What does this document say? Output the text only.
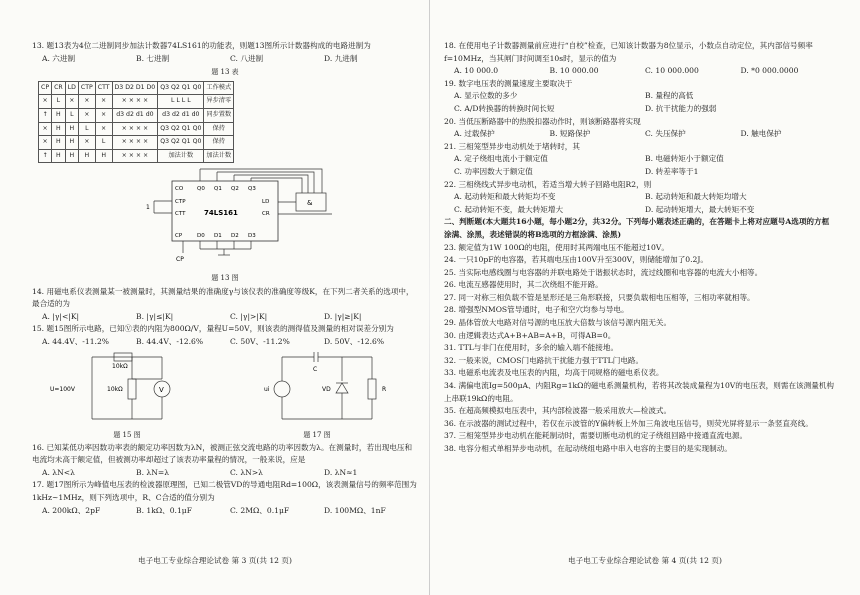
13. 题13表为4位二进制同步加法计数器74LS161的功能表，则题13图所示计数器构成的电路进制为

A. 六进制	B. 七进制	C. 八进制	D. 九进制
题 13 表
CP	CR	LD	CTP	CTT	D3 D2 D1 D0	Q3 Q2 Q1 Q0	工作模式
×	L	×	×	×	× × × ×	L L L L	异步清零
↑	H	L	×	×	d3 d2 d1 d0	d3 d2 d1 d0	同步置数
×	H	H	L	×	× × × ×	Q3 Q2 Q1 Q0	保持
×	H	H	×	L	× × × ×	Q3 Q2 Q1 Q0	保持
↑	H	H	H	H	× × × ×	加法计数	加法计数
74LS161
CO	Q0 Q1 Q2 Q3
CTP
CTT
LD
CR
CP	D0 D1 D2 D3
&
1
CP
题 13 图

14. 用磁电系仪表测量某一被测量时，其测量结果的准确度γ与该仪表的准确度等级K，在下列二者关系的选项中，最合适的为

A. |γ|<|K|	B. |γ|≤|K|	C. |γ|>|K|	D. |γ|≥|K|

15. 题15图所示电路，已知Ⓥ表的内阻为800Ω/V，量程U=50V，则该表的测得值及测量的相对误差分别为

A. 44.4V、-11.2%	B. 44.4V、-12.6%	C. 50V、-11.2%	D. 50V、-12.6%
10kΩ
10kΩ
U=100V	V
C
VD	R
ui
题 15 图	题 17 图

16. 已知某低功率因数功率表的额定功率因数为λN，被测正弦交流电路的功率因数为λ。在测量时，若出现电压和电流均未高于额定值，但被测功率却超过了该表功率量程的情况，一般来说，应是

A. λN<λ	B. λN=λ	C. λN>λ	D. λN≈1

17. 题17图所示为峰值电压表的检波器原理图，已知二极管VD的导通电阻Rd=100Ω，该表测量信号的频率范围为1kHz~1MHz，则下列选项中，R、C合适的值分别为

A. 200kΩ、2pF	B. 1kΩ、0.1μF	C. 2MΩ、0.1μF	D. 100MΩ、1nF
电子电工专业综合理论试卷 第 3 页(共 12 页)

18. 在使用电子计数器测量前应进行“自校”检查，已知该计数器为8位显示，小数点自动定位，其内部信号频率f=10MHz，当其闸门时间调至10s时，显示的值为

A. 10 000.0	B. 10 000.00	C. 10 000.000	D. *0 000.0000

19. 数字电压表的测量速度主要取决于

A. 显示位数的多少	B. 量程的高低
C. A/D转换器的转换时间长短	D. 抗干扰能力的强弱

20. 当低压断路器中的热脱扣器动作时，则该断路器将实现

A. 过载保护	B. 短路保护	C. 失压保护	D. 触电保护

21. 三相笼型异步电动机处于堵转时，其

A. 定子绕组电流小于额定值	B. 电磁转矩小于额定值
C. 功率因数大于额定值	D. 转差率等于1

22. 三相绕线式异步电动机，若适当增大转子回路电阻R2，则

A. 起动转矩和最大转矩均不变	B. 起动转矩和最大转矩均增大
C. 起动转矩不变，最大转矩增大	D. 起动转矩增大，最大转矩不变

二、判断题(本大题共16小题，每小题2分，共32分。下列每小题表述正确的，在答题卡上将对应题号A选项的方框涂满、涂黑，表述错误的将B选项的方框涂满、涂黑)

23. 额定值为1W 100Ω的电阻，使用时其两端电压不能超过10V。

24. 一只10pF的电容器，若其端电压由100V升至300V，则储能增加了0.2J。

25. 当实际电感线圈与电容器的并联电路处于谐振状态时，流过线圈和电容器的电流大小相等。

26. 电流互感器使用时，其二次绕组不能开路。

27. 同一对称三相负载不管是星形还是三角形联接，只要负载相电压相等，三相功率就相等。

28. 增强型NMOS管导通时，电子和空穴均参与导电。

29. 晶体管放大电路对信号源的电压放大倍数与该信号源内阻无关。

30. 由逻辑表达式A+B+AB=A+B，可得AB=0。

31. TTL与非门在使用时，多余的输入端不能接地。

32. 一般来说，CMOS门电路抗干扰能力强于TTL门电路。

33. 电磁系电流表及电压表的内阻，均高于同规格的磁电系仪表。

34. 满偏电流Ig=500μA、内阻Rg=1kΩ的磁电系测量机构，若将其改装成量程为10V的电压表，则需在该测量机构上串联19kΩ的电阻。

35. 在超高频模拟电压表中，其内部检波器一般采用放大—检波式。

36. 在示波器的测试过程中，若仅在示波管的Y偏转板上外加三角波电压信号，则荧光屏将显示一条竖直亮线。

37. 三相笼型异步电动机在能耗制动时，需要切断电动机的定子绕组回路中接通直流电源。

38. 电容分相式单相异步电动机，在起动绕组电路中串入电容的主要目的是实现制动。

电子电工专业综合理论试卷 第 4 页(共 12 页)
